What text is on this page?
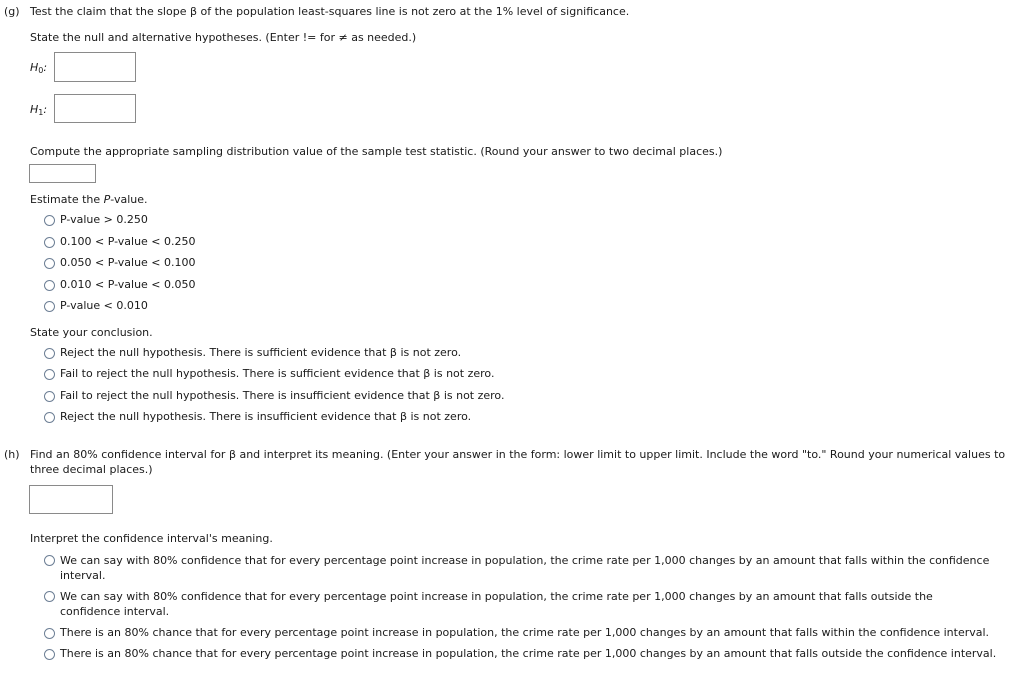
(g) Test the claim that the slope β of the population least-squares line is not zero at the 1% level of significance.
State the null and alternative hypotheses. (Enter != for ≠ as needed.)
$H_0$:
$H_1$:
Compute the appropriate sampling distribution value of the sample test statistic. (Round your answer to two decimal places.)
Estimate the P-value.
P-value > 0.250
0.100 < P-value < 0.250
0.050 < P-value < 0.100
0.010 < P-value < 0.050
P-value < 0.010
State your conclusion.
Reject the null hypothesis. There is sufficient evidence that β is not zero.
Fail to reject the null hypothesis. There is sufficient evidence that β is not zero.
Fail to reject the null hypothesis. There is insufficient evidence that β is not zero.
Reject the null hypothesis. There is insufficient evidence that β is not zero.
(h) Find an 80% confidence interval for β and interpret its meaning. (Enter your answer in the form: lower limit to upper limit. Include the word "to." Round your numerical values to three decimal places.)
Interpret the confidence interval's meaning.
We can say with 80% confidence that for every percentage point increase in population, the crime rate per 1,000 changes by an amount that falls within the confidence interval.
We can say with 80% confidence that for every percentage point increase in population, the crime rate per 1,000 changes by an amount that falls outside the confidence interval.
There is an 80% chance that for every percentage point increase in population, the crime rate per 1,000 changes by an amount that falls within the confidence interval.
There is an 80% chance that for every percentage point increase in population, the crime rate per 1,000 changes by an amount that falls outside the confidence interval.
